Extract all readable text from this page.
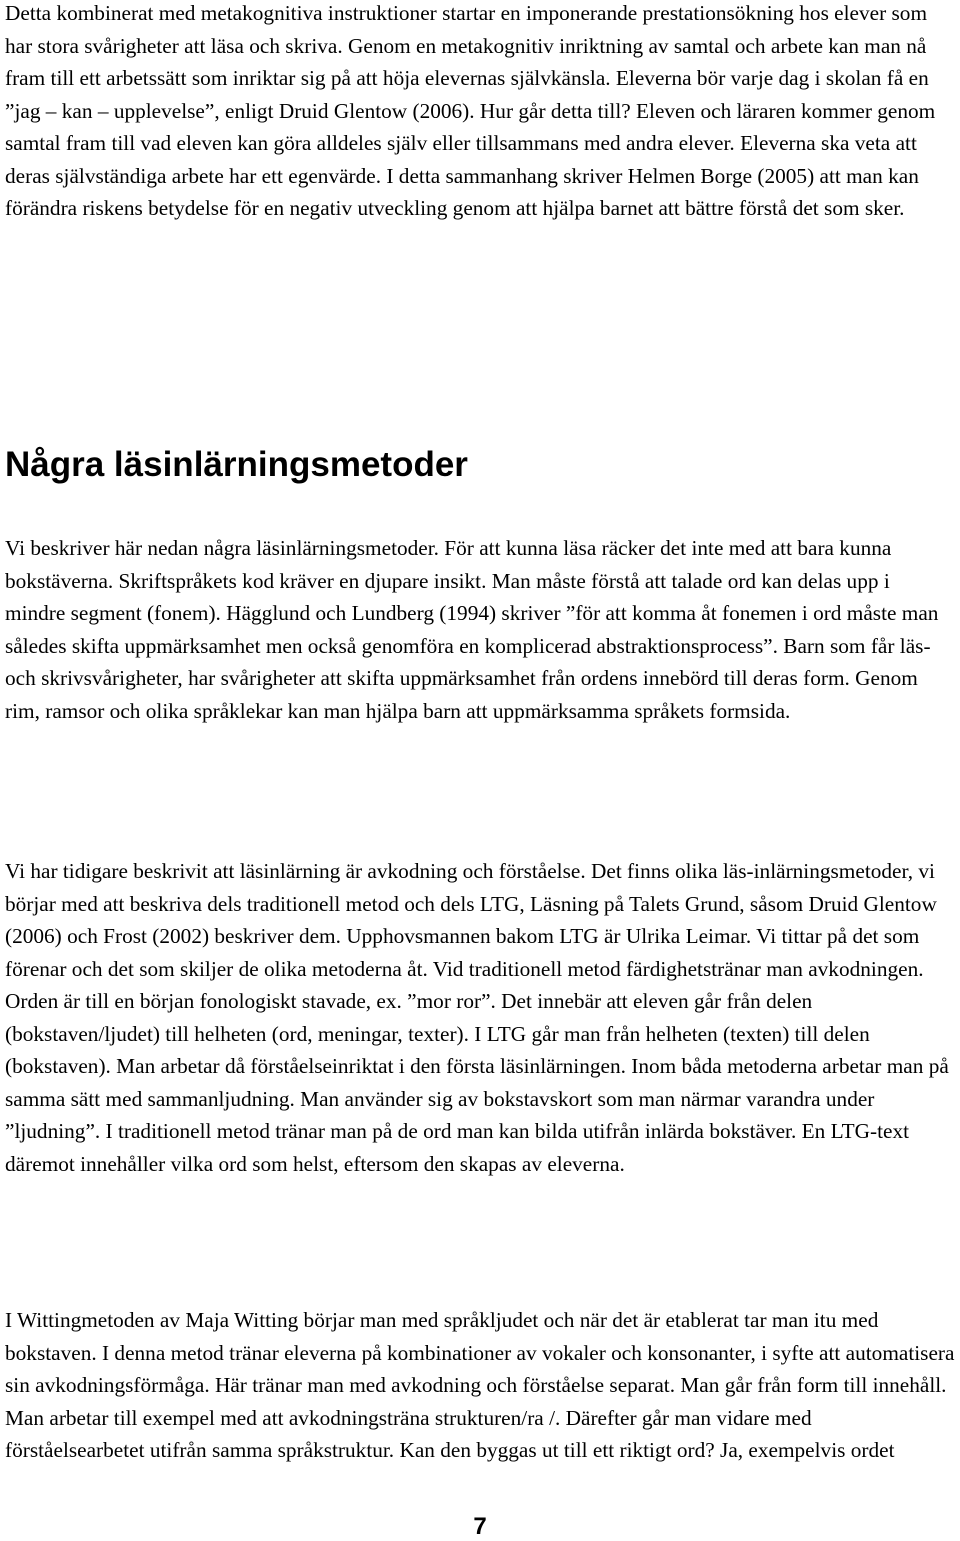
Detta kombinerat med metakognitiva instruktioner startar en imponerande prestationsökning hos elever som har stora svårigheter att läsa och skriva. Genom en metakognitiv inriktning av samtal och arbete kan man nå fram till ett arbetssätt som inriktar sig på att höja elevernas självkänsla. Eleverna bör varje dag i skolan få en ”jag – kan – upplevelse”, enligt Druid Glentow (2006). Hur går detta till? Eleven och läraren kommer genom samtal fram till vad eleven kan göra alldeles själv eller tillsammans med andra elever. Eleverna ska veta att deras självständiga arbete har ett egenvärde. I detta sammanhang skriver Helmen Borge (2005) att man kan förändra riskens betydelse för en negativ utveckling genom att hjälpa barnet att bättre förstå det som sker.

Några läsinlärningsmetoder

Vi beskriver här nedan några läsinlärningsmetoder. För att kunna läsa räcker det inte med att bara kunna bokstäverna. Skriftspråkets kod kräver en djupare insikt. Man måste förstå att talade ord kan delas upp i mindre segment (fonem). Hägglund och Lundberg (1994) skriver ”för att komma åt fonemen i ord måste man således skifta uppmärksamhet men också genomföra en komplicerad abstraktionsprocess”. Barn som får läs- och skrivsvårigheter, har svårigheter att skifta uppmärksamhet från ordens innebörd till deras form. Genom rim, ramsor och olika språklekar kan man hjälpa barn att uppmärksamma språkets formsida.

Vi har tidigare beskrivit att läsinlärning är avkodning och förståelse. Det finns olika läs-inlärningsmetoder, vi börjar med att beskriva dels traditionell metod och dels LTG, Läsning på Talets Grund, såsom Druid Glentow (2006) och Frost (2002) beskriver dem. Upphovsmannen bakom LTG är Ulrika Leimar. Vi tittar på det som förenar och det som skiljer de olika metoderna åt. Vid traditionell metod färdighetstränar man avkodningen. Orden är till en början fonologiskt stavade, ex. ”mor ror”. Det innebär att eleven går från delen (bokstaven/ljudet) till helheten (ord, meningar, texter). I LTG går man från helheten (texten) till delen (bokstaven). Man arbetar då förståelseinriktat i den första läsinlärningen. Inom båda metoderna arbetar man på samma sätt med sammanljudning. Man använder sig av bokstavskort som man närmar varandra under ”ljudning”. I traditionell metod tränar man på de ord man kan bilda utifrån inlärda bokstäver. En LTG-text däremot innehåller vilka ord som helst, eftersom den skapas av eleverna.

I Wittingmetoden av Maja Witting börjar man med språkljudet och när det är etablerat tar man itu med bokstaven. I denna metod tränar eleverna på kombinationer av vokaler och konsonanter, i syfte att automatisera sin avkodningsförmåga. Här tränar man med avkodning och förståelse separat. Man går från form till innehåll. Man arbetar till exempel med att avkodningsträna strukturen/ra /. Därefter går man vidare med förståelsearbetet utifrån samma språkstruktur. Kan den byggas ut till ett riktigt ord? Ja, exempelvis ordet

7
